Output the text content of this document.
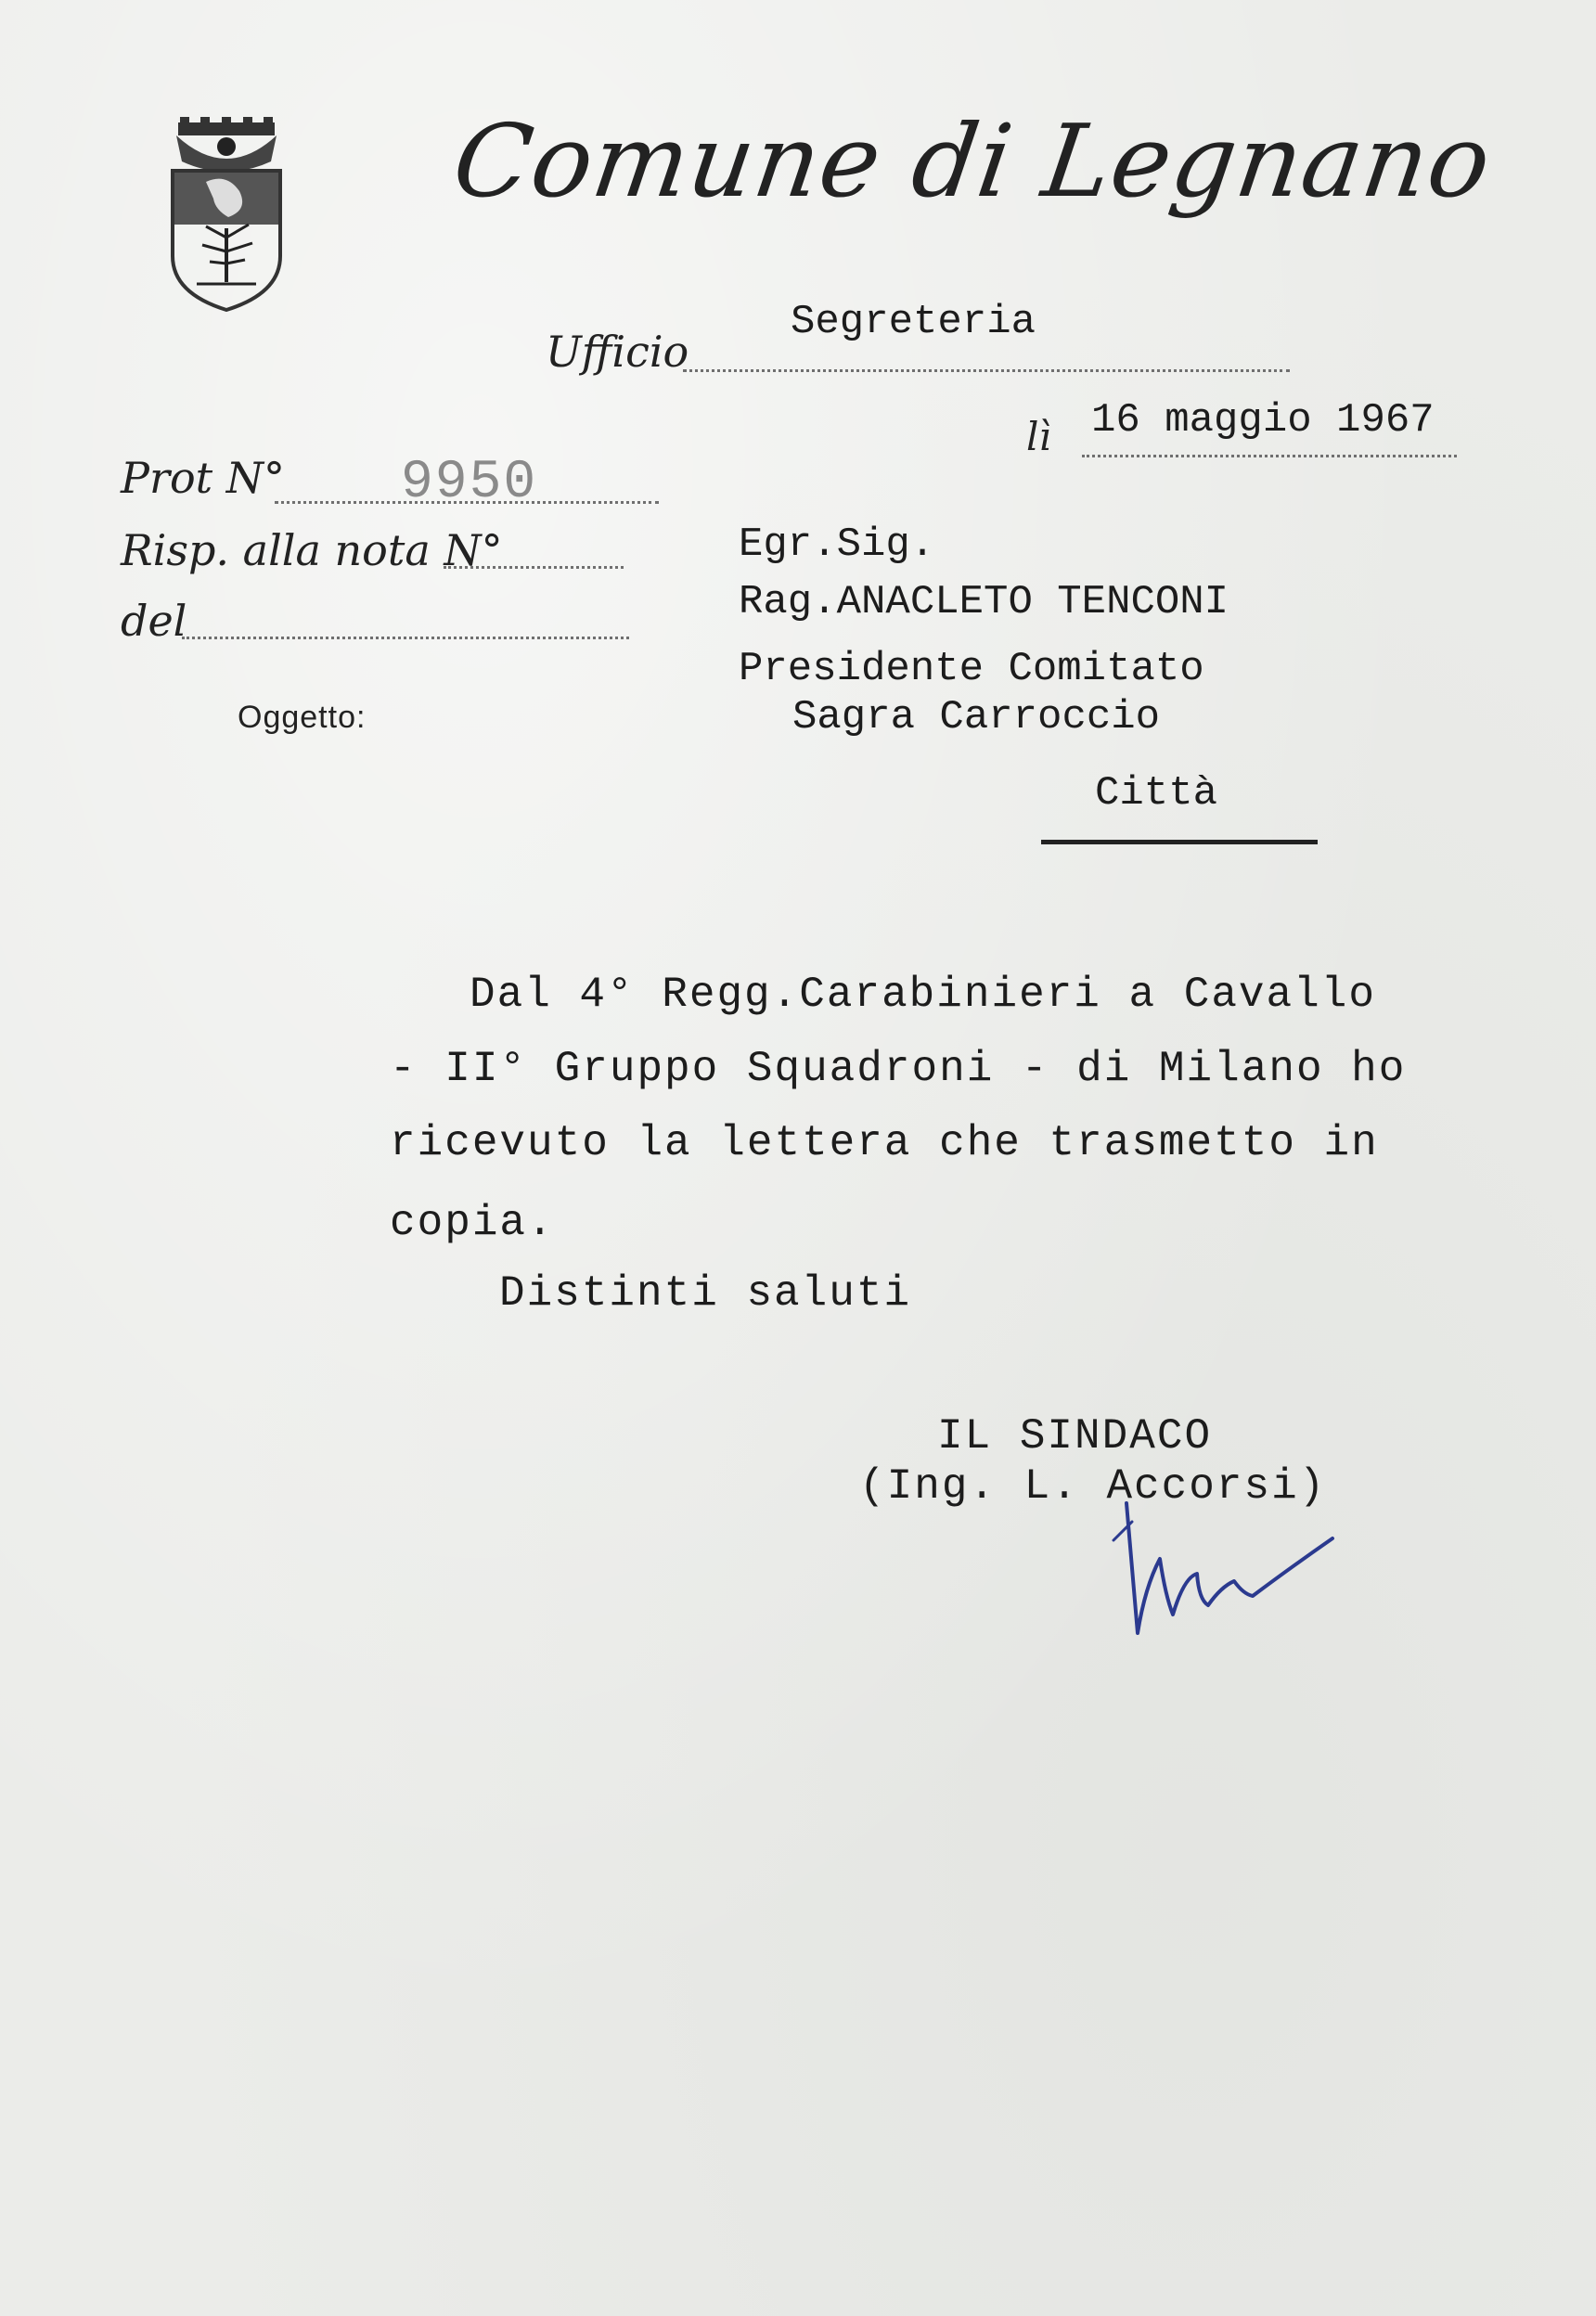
Comune di Legnano
Ufficio
Segreteria
lì 16 maggio 1967
Prot N° 9950
Risp. alla nota N°
del
Oggetto:
Egr.Sig.
Rag.ANACLETO TENCONI
Presidente Comitato
Sagra Carroccio
Città
Dal 4° Regg.Carabinieri a Cavallo
- II° Gruppo Squadroni - di Milano ho
ricevuto la lettera che trasmetto in
copia.
Distinti saluti
IL SINDACO
(Ing. L. Accorsi)
